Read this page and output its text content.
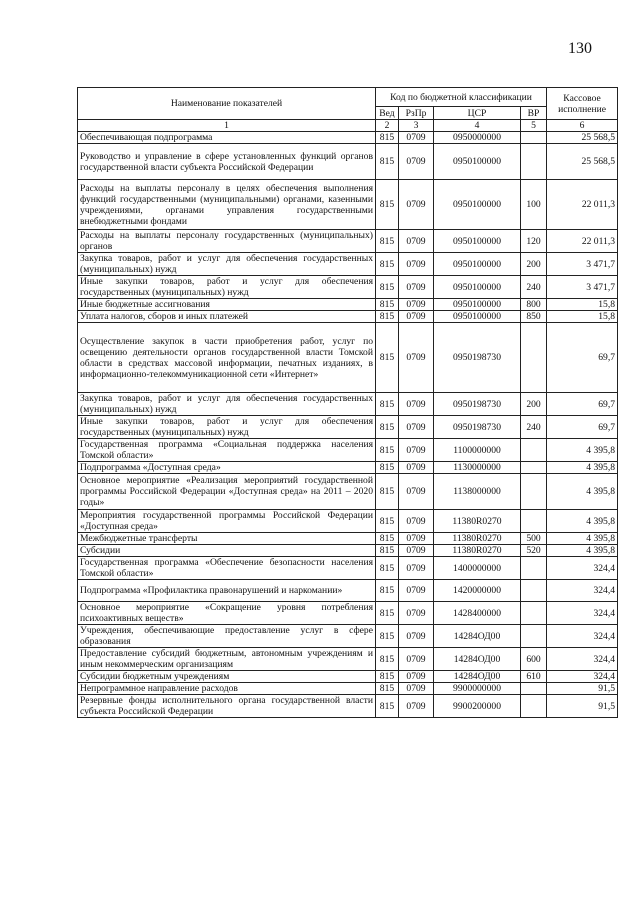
130
Наименование показателей	Код по бюджетной классификации				Кассовое исполнение
	Вед	РзПр	ЦСР	ВР	
1	2	3	4	5	6
Обеспечивающая подпрограмма	815	0709	0950000000		25 568,5
Руководство и управление в сфере установленных функций органов государственной власти субъекта Российской Федерации	815	0709	0950100000		25 568,5
Расходы на выплаты персоналу в целях обеспечения выполнения функций государственными (муниципальными) органами, казенными учреждениями, органами управления государственными внебюджетными фондами	815	0709	0950100000	100	22 011,3
Расходы на выплаты персоналу государственных (муниципальных) органов	815	0709	0950100000	120	22 011,3
Закупка товаров, работ и услуг для обеспечения государственных (муниципальных) нужд	815	0709	0950100000	200	3 471,7
Иные закупки товаров, работ и услуг для обеспечения государственных (муниципальных) нужд	815	0709	0950100000	240	3 471,7
Иные бюджетные ассигнования	815	0709	0950100000	800	15,8
Уплата налогов, сборов и иных платежей	815	0709	0950100000	850	15,8
Осуществление закупок в части приобретения работ, услуг по освещению деятельности органов государственной власти Томской области в средствах массовой информации, печатных изданиях, в информационно-телекоммуникационной сети «Интернет»	815	0709	0950198730		69,7
Закупка товаров, работ и услуг для обеспечения государственных (муниципальных) нужд	815	0709	0950198730	200	69,7
Иные закупки товаров, работ и услуг для обеспечения государственных (муниципальных) нужд	815	0709	0950198730	240	69,7
Государственная программа «Социальная поддержка населения Томской области»	815	0709	1100000000		4 395,8
Подпрограмма «Доступная среда»	815	0709	1130000000		4 395,8
Основное мероприятие «Реализация мероприятий государственной программы Российской Федерации «Доступная среда» на 2011 – 2020 годы»	815	0709	1138000000		4 395,8
Мероприятия государственной программы Российской Федерации «Доступная среда»	815	0709	11380R0270		4 395,8
Межбюджетные трансферты	815	0709	11380R0270	500	4 395,8
Субсидии	815	0709	11380R0270	520	4 395,8
Государственная программа «Обеспечение безопасности населения Томской области»	815	0709	1400000000		324,4
Подпрограмма «Профилактика правонарушений и наркомании»	815	0709	1420000000		324,4
Основное мероприятие «Сокращение уровня потребления психоактивных веществ»	815	0709	1428400000		324,4
Учреждения, обеспечивающие предоставление услуг в сфере образования	815	0709	14284ОД00		324,4
Предоставление субсидий бюджетным, автономным учреждениям и иным некоммерческим организациям	815	0709	14284ОД00	600	324,4
Субсидии бюджетным учреждениям	815	0709	14284ОД00	610	324,4
Непрограммное направление расходов	815	0709	9900000000		91,5
Резервные фонды исполнительного органа государственной власти субъекта Российской Федерации	815	0709	9900200000		91,5
